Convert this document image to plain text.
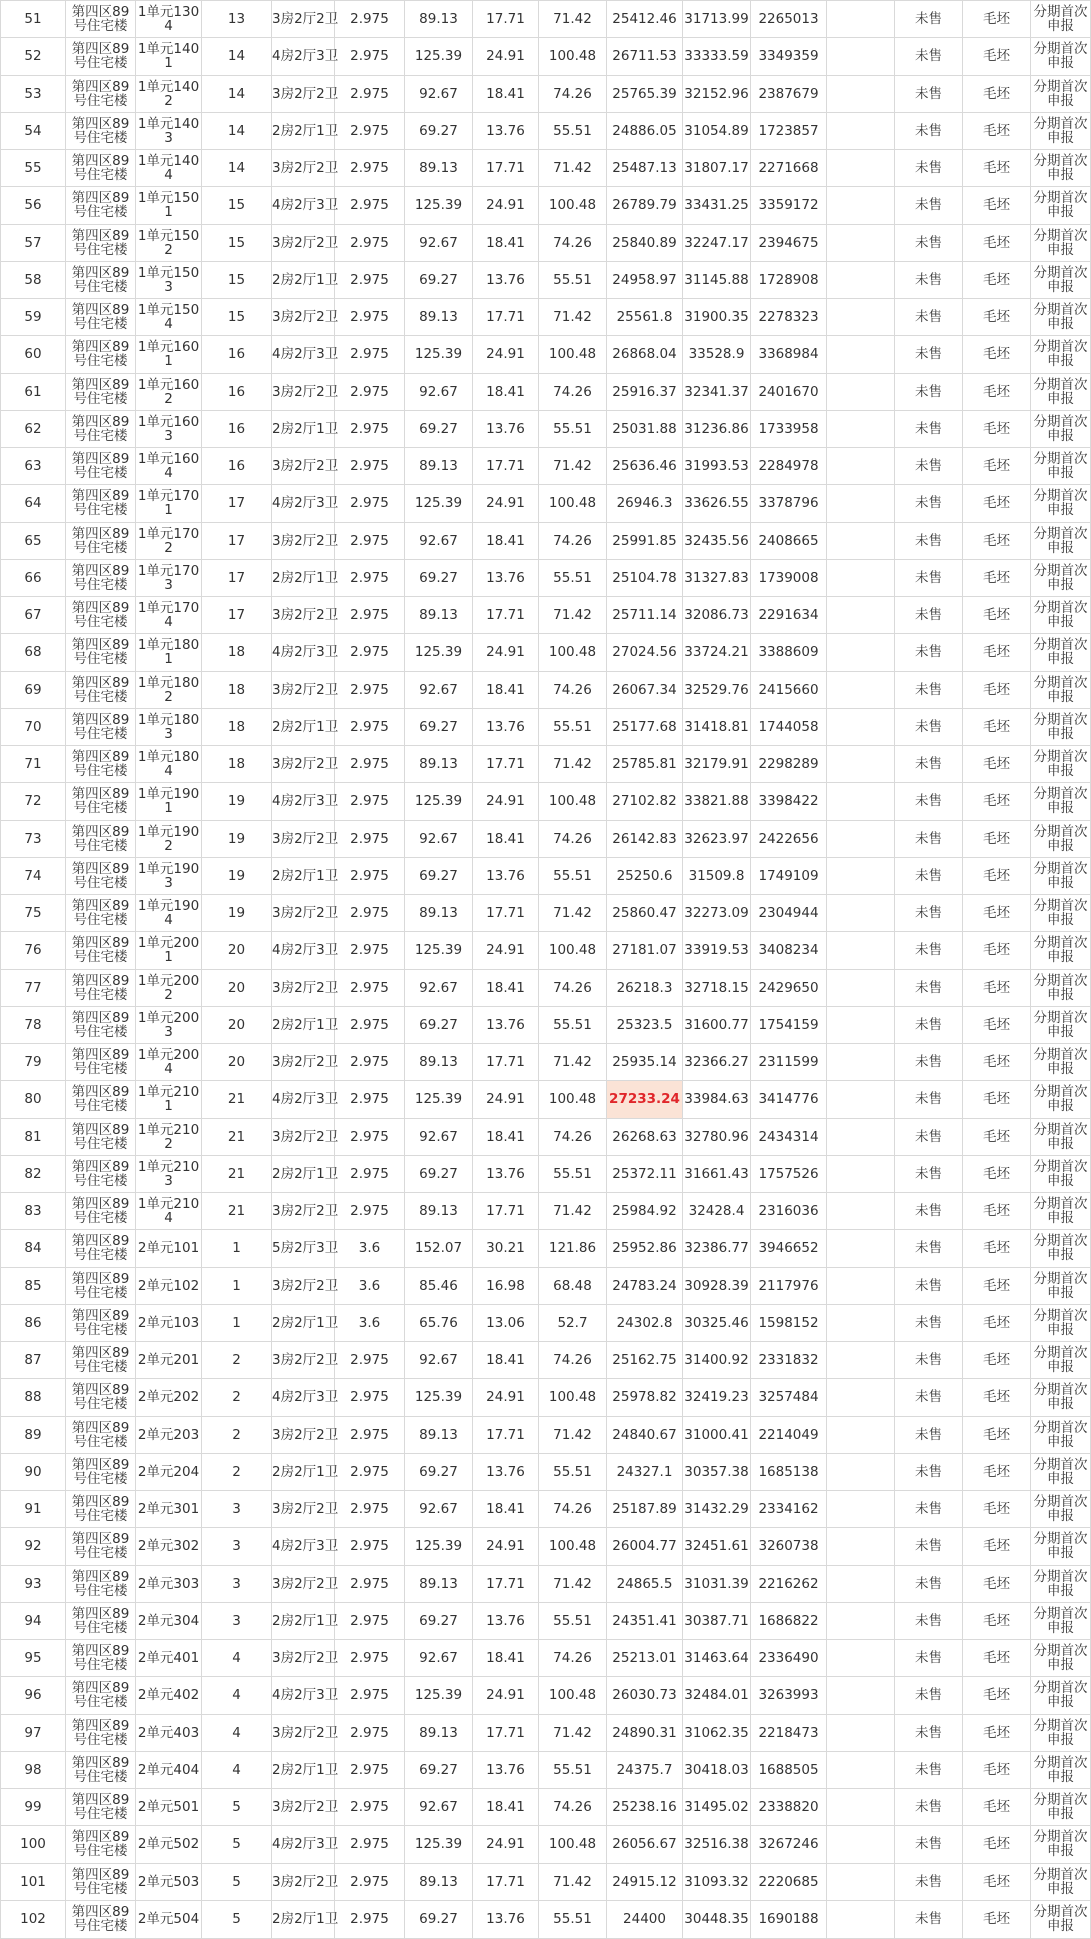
51	第四区89号住宅楼	1单元1304	13	3房2厅2卫	2.975	89.13	17.71	71.42	25412.46	31713.99	2265013		未售	毛坯	分期首次申报
52	第四区89号住宅楼	1单元1401	14	4房2厅3卫	2.975	125.39	24.91	100.48	26711.53	33333.59	3349359		未售	毛坯	分期首次申报
53	第四区89号住宅楼	1单元1402	14	3房2厅2卫	2.975	92.67	18.41	74.26	25765.39	32152.96	2387679		未售	毛坯	分期首次申报
54	第四区89号住宅楼	1单元1403	14	2房2厅1卫	2.975	69.27	13.76	55.51	24886.05	31054.89	1723857		未售	毛坯	分期首次申报
55	第四区89号住宅楼	1单元1404	14	3房2厅2卫	2.975	89.13	17.71	71.42	25487.13	31807.17	2271668		未售	毛坯	分期首次申报
56	第四区89号住宅楼	1单元1501	15	4房2厅3卫	2.975	125.39	24.91	100.48	26789.79	33431.25	3359172		未售	毛坯	分期首次申报
57	第四区89号住宅楼	1单元1502	15	3房2厅2卫	2.975	92.67	18.41	74.26	25840.89	32247.17	2394675		未售	毛坯	分期首次申报
58	第四区89号住宅楼	1单元1503	15	2房2厅1卫	2.975	69.27	13.76	55.51	24958.97	31145.88	1728908		未售	毛坯	分期首次申报
59	第四区89号住宅楼	1单元1504	15	3房2厅2卫	2.975	89.13	17.71	71.42	25561.8	31900.35	2278323		未售	毛坯	分期首次申报
60	第四区89号住宅楼	1单元1601	16	4房2厅3卫	2.975	125.39	24.91	100.48	26868.04	33528.9	3368984		未售	毛坯	分期首次申报
61	第四区89号住宅楼	1单元1602	16	3房2厅2卫	2.975	92.67	18.41	74.26	25916.37	32341.37	2401670		未售	毛坯	分期首次申报
62	第四区89号住宅楼	1单元1603	16	2房2厅1卫	2.975	69.27	13.76	55.51	25031.88	31236.86	1733958		未售	毛坯	分期首次申报
63	第四区89号住宅楼	1单元1604	16	3房2厅2卫	2.975	89.13	17.71	71.42	25636.46	31993.53	2284978		未售	毛坯	分期首次申报
64	第四区89号住宅楼	1单元1701	17	4房2厅3卫	2.975	125.39	24.91	100.48	26946.3	33626.55	3378796		未售	毛坯	分期首次申报
65	第四区89号住宅楼	1单元1702	17	3房2厅2卫	2.975	92.67	18.41	74.26	25991.85	32435.56	2408665		未售	毛坯	分期首次申报
66	第四区89号住宅楼	1单元1703	17	2房2厅1卫	2.975	69.27	13.76	55.51	25104.78	31327.83	1739008		未售	毛坯	分期首次申报
67	第四区89号住宅楼	1单元1704	17	3房2厅2卫	2.975	89.13	17.71	71.42	25711.14	32086.73	2291634		未售	毛坯	分期首次申报
68	第四区89号住宅楼	1单元1801	18	4房2厅3卫	2.975	125.39	24.91	100.48	27024.56	33724.21	3388609		未售	毛坯	分期首次申报
69	第四区89号住宅楼	1单元1802	18	3房2厅2卫	2.975	92.67	18.41	74.26	26067.34	32529.76	2415660		未售	毛坯	分期首次申报
70	第四区89号住宅楼	1单元1803	18	2房2厅1卫	2.975	69.27	13.76	55.51	25177.68	31418.81	1744058		未售	毛坯	分期首次申报
71	第四区89号住宅楼	1单元1804	18	3房2厅2卫	2.975	89.13	17.71	71.42	25785.81	32179.91	2298289		未售	毛坯	分期首次申报
72	第四区89号住宅楼	1单元1901	19	4房2厅3卫	2.975	125.39	24.91	100.48	27102.82	33821.88	3398422		未售	毛坯	分期首次申报
73	第四区89号住宅楼	1单元1902	19	3房2厅2卫	2.975	92.67	18.41	74.26	26142.83	32623.97	2422656		未售	毛坯	分期首次申报
74	第四区89号住宅楼	1单元1903	19	2房2厅1卫	2.975	69.27	13.76	55.51	25250.6	31509.8	1749109		未售	毛坯	分期首次申报
75	第四区89号住宅楼	1单元1904	19	3房2厅2卫	2.975	89.13	17.71	71.42	25860.47	32273.09	2304944		未售	毛坯	分期首次申报
76	第四区89号住宅楼	1单元2001	20	4房2厅3卫	2.975	125.39	24.91	100.48	27181.07	33919.53	3408234		未售	毛坯	分期首次申报
77	第四区89号住宅楼	1单元2002	20	3房2厅2卫	2.975	92.67	18.41	74.26	26218.3	32718.15	2429650		未售	毛坯	分期首次申报
78	第四区89号住宅楼	1单元2003	20	2房2厅1卫	2.975	69.27	13.76	55.51	25323.5	31600.77	1754159		未售	毛坯	分期首次申报
79	第四区89号住宅楼	1单元2004	20	3房2厅2卫	2.975	89.13	17.71	71.42	25935.14	32366.27	2311599		未售	毛坯	分期首次申报
80	第四区89号住宅楼	1单元2101	21	4房2厅3卫	2.975	125.39	24.91	100.48	27233.24	33984.63	3414776		未售	毛坯	分期首次申报
81	第四区89号住宅楼	1单元2102	21	3房2厅2卫	2.975	92.67	18.41	74.26	26268.63	32780.96	2434314		未售	毛坯	分期首次申报
82	第四区89号住宅楼	1单元2103	21	2房2厅1卫	2.975	69.27	13.76	55.51	25372.11	31661.43	1757526		未售	毛坯	分期首次申报
83	第四区89号住宅楼	1单元2104	21	3房2厅2卫	2.975	89.13	17.71	71.42	25984.92	32428.4	2316036		未售	毛坯	分期首次申报
84	第四区89号住宅楼	2单元101	1	5房2厅3卫	3.6	152.07	30.21	121.86	25952.86	32386.77	3946652		未售	毛坯	分期首次申报
85	第四区89号住宅楼	2单元102	1	3房2厅2卫	3.6	85.46	16.98	68.48	24783.24	30928.39	2117976		未售	毛坯	分期首次申报
86	第四区89号住宅楼	2单元103	1	2房2厅1卫	3.6	65.76	13.06	52.7	24302.8	30325.46	1598152		未售	毛坯	分期首次申报
87	第四区89号住宅楼	2单元201	2	3房2厅2卫	2.975	92.67	18.41	74.26	25162.75	31400.92	2331832		未售	毛坯	分期首次申报
88	第四区89号住宅楼	2单元202	2	4房2厅3卫	2.975	125.39	24.91	100.48	25978.82	32419.23	3257484		未售	毛坯	分期首次申报
89	第四区89号住宅楼	2单元203	2	3房2厅2卫	2.975	89.13	17.71	71.42	24840.67	31000.41	2214049		未售	毛坯	分期首次申报
90	第四区89号住宅楼	2单元204	2	2房2厅1卫	2.975	69.27	13.76	55.51	24327.1	30357.38	1685138		未售	毛坯	分期首次申报
91	第四区89号住宅楼	2单元301	3	3房2厅2卫	2.975	92.67	18.41	74.26	25187.89	31432.29	2334162		未售	毛坯	分期首次申报
92	第四区89号住宅楼	2单元302	3	4房2厅3卫	2.975	125.39	24.91	100.48	26004.77	32451.61	3260738		未售	毛坯	分期首次申报
93	第四区89号住宅楼	2单元303	3	3房2厅2卫	2.975	89.13	17.71	71.42	24865.5	31031.39	2216262		未售	毛坯	分期首次申报
94	第四区89号住宅楼	2单元304	3	2房2厅1卫	2.975	69.27	13.76	55.51	24351.41	30387.71	1686822		未售	毛坯	分期首次申报
95	第四区89号住宅楼	2单元401	4	3房2厅2卫	2.975	92.67	18.41	74.26	25213.01	31463.64	2336490		未售	毛坯	分期首次申报
96	第四区89号住宅楼	2单元402	4	4房2厅3卫	2.975	125.39	24.91	100.48	26030.73	32484.01	3263993		未售	毛坯	分期首次申报
97	第四区89号住宅楼	2单元403	4	3房2厅2卫	2.975	89.13	17.71	71.42	24890.31	31062.35	2218473		未售	毛坯	分期首次申报
98	第四区89号住宅楼	2单元404	4	2房2厅1卫	2.975	69.27	13.76	55.51	24375.7	30418.03	1688505		未售	毛坯	分期首次申报
99	第四区89号住宅楼	2单元501	5	3房2厅2卫	2.975	92.67	18.41	74.26	25238.16	31495.02	2338820		未售	毛坯	分期首次申报
100	第四区89号住宅楼	2单元502	5	4房2厅3卫	2.975	125.39	24.91	100.48	26056.67	32516.38	3267246		未售	毛坯	分期首次申报
101	第四区89号住宅楼	2单元503	5	3房2厅2卫	2.975	89.13	17.71	71.42	24915.12	31093.32	2220685		未售	毛坯	分期首次申报
102	第四区89号住宅楼	2单元504	5	2房2厅1卫	2.975	69.27	13.76	55.51	24400	30448.35	1690188		未售	毛坯	分期首次申报
